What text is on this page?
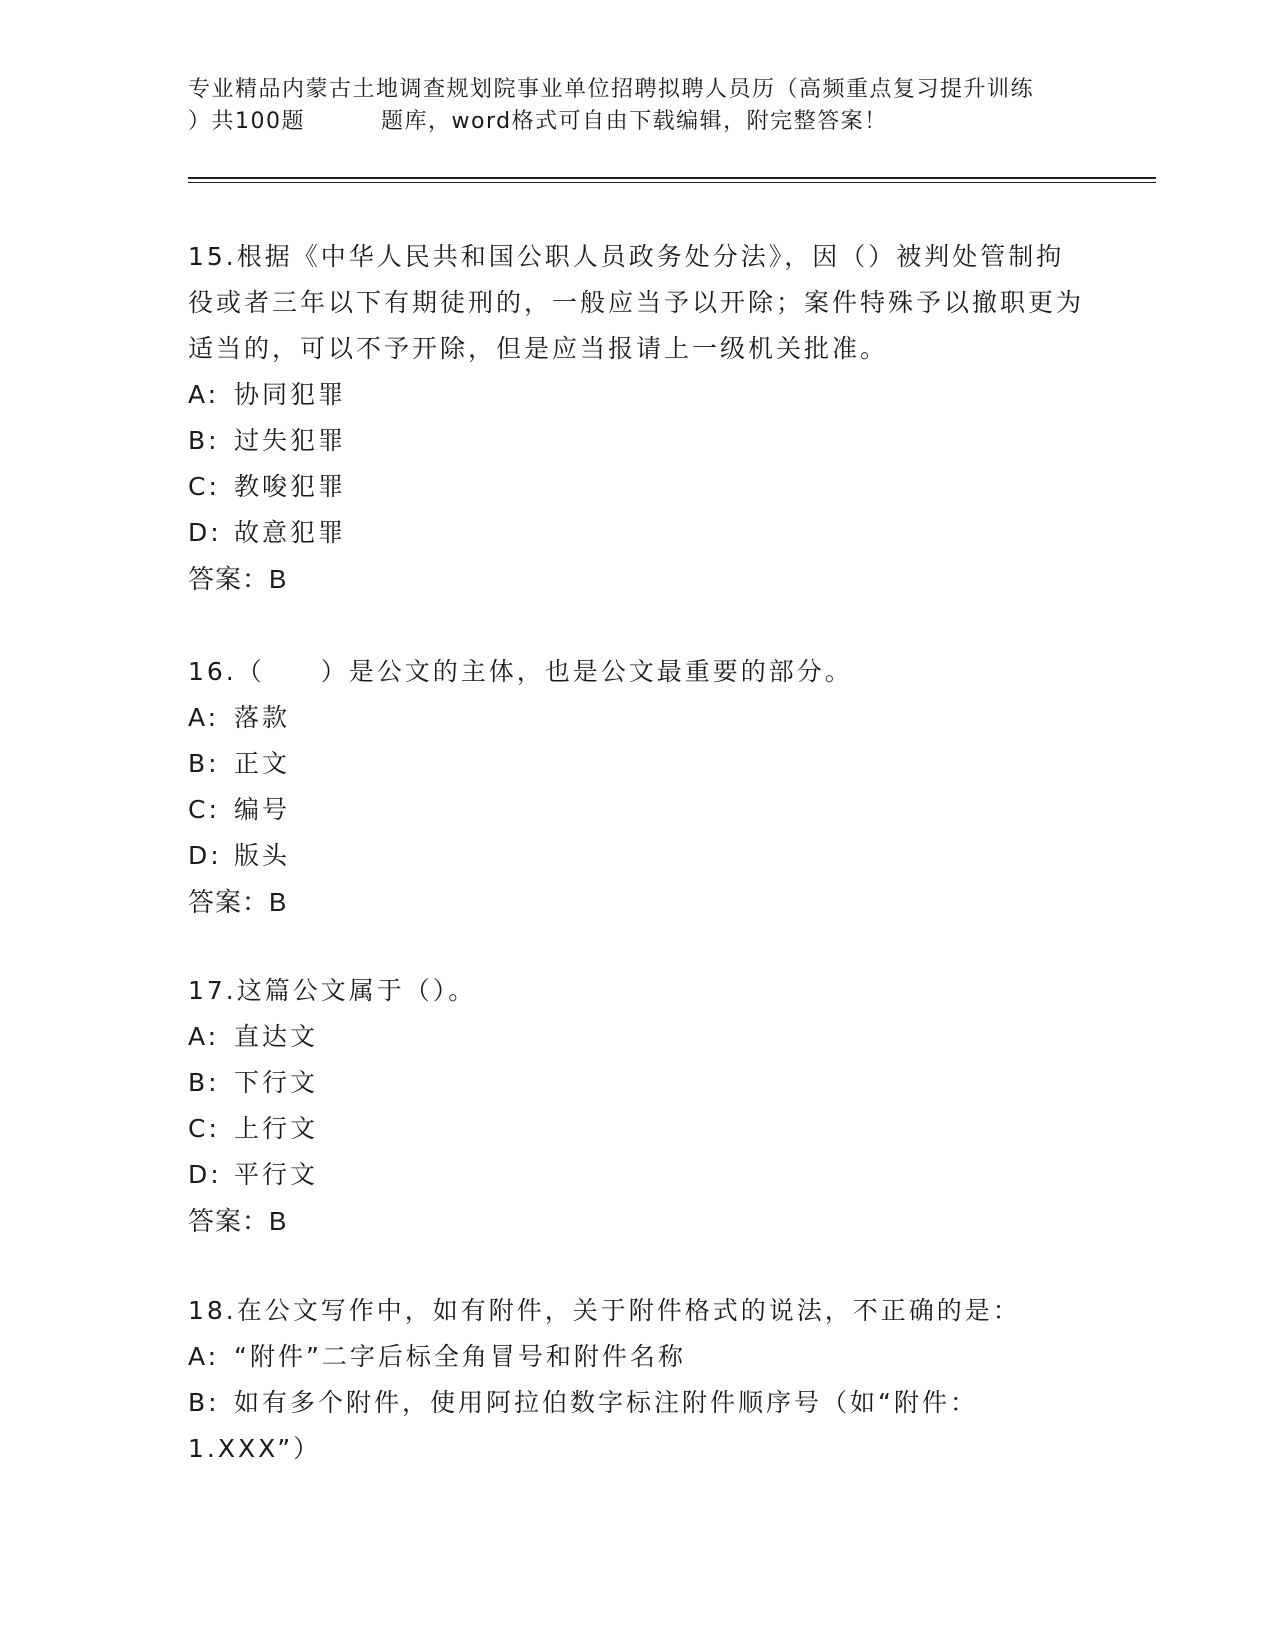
专业精品内蒙古土地调查规划院事业单位招聘拟聘人员历（高频重点复习提升训练
）共100题	题库，word格式可自由下载编辑，附完整答案！

15.根据《中华人民共和国公职人员政务处分法》，因（）被判处管制拘役或者三年以下有期徒刑的，一般应当予以开除；案件特殊予以撤职更为适当的，可以不予开除，但是应当报请上一级机关批准。

A: 协同犯罪

B: 过失犯罪

C: 教唆犯罪

D: 故意犯罪

答案：B

16.（　　）是公文的主体，也是公文最重要的部分。

A: 落款

B: 正文

C: 编号

D: 版头

答案：B

17.这篇公文属于（）。

A: 直达文

B: 下行文

C: 上行文

D: 平行文

答案：B

18.在公文写作中，如有附件，关于附件格式的说法，不正确的是：

A: “附件”二字后标全角冒号和附件名称

B: 如有多个附件，使用阿拉伯数字标注附件顺序号（如“附件：1.XXX”）
